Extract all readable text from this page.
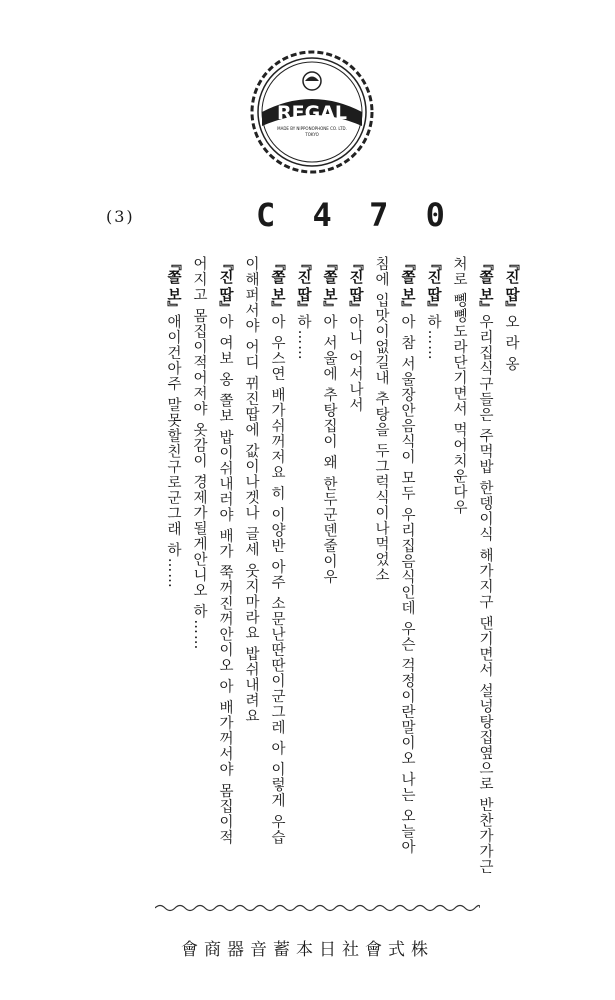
REGAL
MADE BY NIPPONOPHONE CO. LTD.
TOKYO
(3)	C 4 7 0
『진 땁』오 라 옹
『쫄 보』우리집식구들은 주먹밥 한뎅이식 해가지구 댄기면서 설넝탕집옆으로 반찬가가근
처로 뼹뼹도라단기면서 먹어치운다우
『진 땁』하……
『쫄 보』아 참 서울장안음식이 모두 우리집음식인데 우슨 걱정이란말이오 나는 오늘아
침에 입맛이없길내 추탕을 두그럭식이나먹었소
『진 땁』아니 어서나서
『쫄 보』아 서울에 추탕집이 왜 한두군덴줄이우
『진 땁』하……
『쫄 보』아 우스연 배가쉬꺼저요 히 이양반 아주 소문난딴딴이군그레 아 이렇게 우습
이해퍼서야 어디 뀌진땁에 값이나겟나 글세 웃지마라요 밥쉬내려요
『진 땁』아 여보 옹 쫄보 밥이쉬내러야 배가 쭉꺼진꺼안이오 아 배가꺼서야 몸집이적
어지고 몸집이적어저야 옷감이 경제가될게안니오 하……
『쫄 보』애이건아주 말못할친구로군그래 하……
會商器音蓄本日社會式株
